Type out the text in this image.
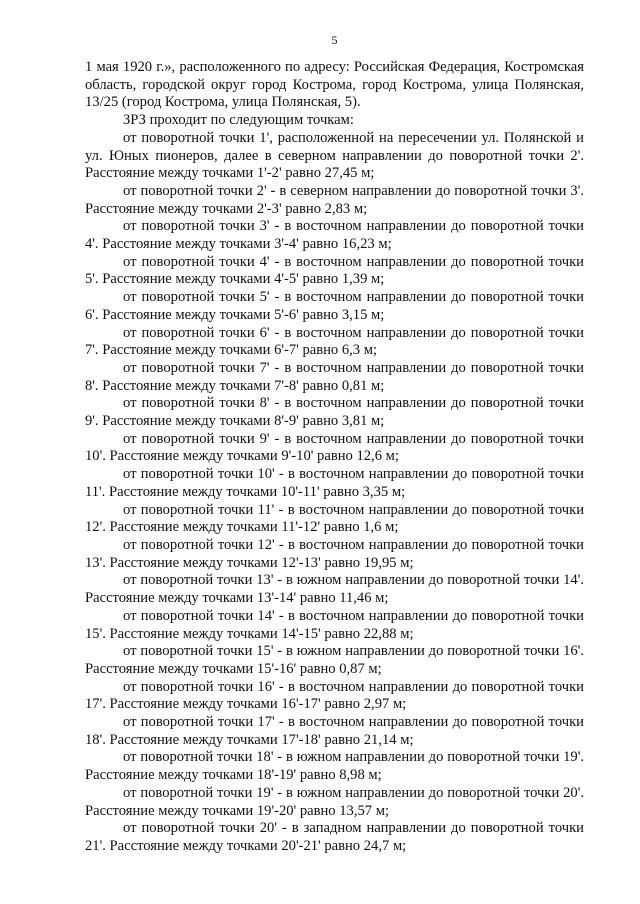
5

1 мая 1920 г.», расположенного по адресу: Российская Федерация, Костромская область, городской округ город Кострома, город Кострома, улица Полянская, 13/25 (город Кострома, улица Полянская, 5).

ЗРЗ проходит по следующим точкам:

от поворотной точки 1', расположенной на пересечении ул. Полянской и ул. Юных пионеров, далее в северном направлении до поворотной точки 2'. Расстояние между точками 1'-2' равно 27,45 м;

от поворотной точки 2' - в северном направлении до поворотной точки 3'. Расстояние между точками 2'-3' равно 2,83 м;

от поворотной точки 3' - в восточном направлении до поворотной точки 4'. Расстояние между точками 3'-4' равно 16,23 м;

от поворотной точки 4' - в восточном направлении до поворотной точки 5'. Расстояние между точками 4'-5' равно 1,39 м;

от поворотной точки 5' - в восточном направлении до поворотной точки 6'. Расстояние между точками 5'-6' равно 3,15 м;

от поворотной точки 6' - в восточном направлении до поворотной точки 7'. Расстояние между точками 6'-7' равно 6,3 м;

от поворотной точки 7' - в восточном направлении до поворотной точки 8'. Расстояние между точками 7'-8' равно 0,81 м;

от поворотной точки 8' - в восточном направлении до поворотной точки 9'. Расстояние между точками 8'-9' равно 3,81 м;

от поворотной точки 9' - в восточном направлении до поворотной точки 10'. Расстояние между точками 9'-10' равно 12,6 м;

от поворотной точки 10' - в восточном направлении до поворотной точки 11'. Расстояние между точками 10'-11' равно 3,35 м;

от поворотной точки 11' - в восточном направлении до поворотной точки 12'. Расстояние между точками 11'-12' равно 1,6 м;

от поворотной точки 12' - в восточном направлении до поворотной точки 13'. Расстояние между точками 12'-13' равно 19,95 м;

от поворотной точки 13' - в южном направлении до поворотной точки 14'. Расстояние между точками 13'-14' равно 11,46 м;

от поворотной точки 14' - в восточном направлении до поворотной точки 15'. Расстояние между точками 14'-15' равно 22,88 м;

от поворотной точки 15' - в южном направлении до поворотной точки 16'. Расстояние между точками 15'-16' равно 0,87 м;

от поворотной точки 16' - в восточном направлении до поворотной точки 17'. Расстояние между точками 16'-17' равно 2,97 м;

от поворотной точки 17' - в восточном направлении до поворотной точки 18'. Расстояние между точками 17'-18' равно 21,14 м;

от поворотной точки 18' - в южном направлении до поворотной точки 19'. Расстояние между точками 18'-19' равно 8,98 м;

от поворотной точки 19' - в южном направлении до поворотной точки 20'. Расстояние между точками 19'-20' равно 13,57 м;

от поворотной точки 20' - в западном направлении до поворотной точки 21'. Расстояние между точками 20'-21' равно 24,7 м;
